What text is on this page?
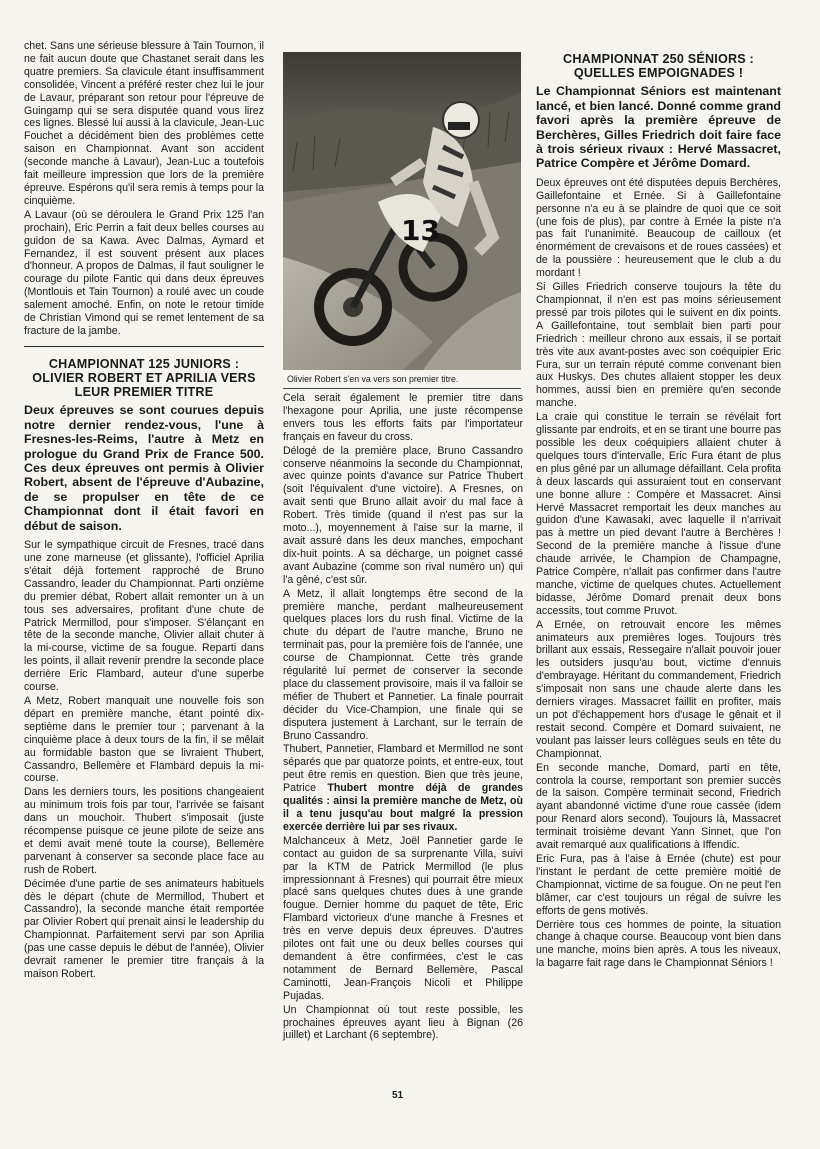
chet. Sans une sérieuse blessure à Tain Tournon, il ne fait aucun doute que Chastanet serait dans les quatre premiers. Sa clavicule étant insuffisamment consolidée, Vincent a préféré rester chez lui le jour de Lavaur, préparant son retour pour l'épreuve de Guingamp qui se sera disputée quand vous lirez ces lignes. Blessé lui aussi à la clavicule, Jean-Luc Fouchet a décidément bien des problèmes cette saison en Championnat. Avant son accident (seconde manche à Lavaur), Jean-Luc a toutefois fait meilleure impression que lors de la première épreuve. Espérons qu'il sera remis à temps pour la cinquième.

A Lavaur (où se déroulera le Grand Prix 125 l'an prochain), Eric Perrin a fait deux belles courses au guidon de sa Kawa. Avec Dalmas, Aymard et Fernandez, il est souvent présent aux places d'honneur. A propos de Dalmas, il faut souligner le courage du pilote Fantic qui dans deux épreuves (Montlouis et Tain Tournon) a roulé avec un coude salement amoché. Enfin, on note le retour timide de Christian Vimond qui se remet lentement de sa fracture de la jambe.

CHAMPIONNAT 125 JUNIORS : OLIVIER ROBERT ET APRILIA VERS LEUR PREMIER TITRE
Deux épreuves se sont courues depuis notre dernier rendez-vous, l'une à Fresnes-les-Reims, l'autre à Metz en prologue du Grand Prix de France 500. Ces deux épreuves ont permis à Olivier Robert, absent de l'épreuve d'Aubazine, de se propulser en tête de ce Championnat dont il était favori en début de saison.

Sur le sympathique circuit de Fresnes, tracé dans une zone marneuse (et glissante), l'officiel Aprilia s'était déjà fortement rapproché de Bruno Cassandro, leader du Championnat. Parti onzième du premier débat, Robert allait remonter un à un tous ses adversaires, profitant d'une chute de Patrick Mermillod, pour s'imposer. S'élançant en tête de la seconde manche, Olivier allait chuter à la mi-course, victime de sa fougue. Reparti dans les points, il allait revenir prendre la seconde place derrière Eric Flambard, auteur d'une superbe course.

A Metz, Robert manquait une nouvelle fois son départ en première manche, étant pointé dix-septième dans le premier tour ; parvenant à la cinquième place à deux tours de la fin, il se mêlait au formidable baston que se livraient Thubert, Cassandro, Bellemère et Flambard depuis la mi-course.

Dans les derniers tours, les positions changeaient au minimum trois fois par tour, l'arrivée se faisant dans un mouchoir. Thubert s'imposait (juste récompense puisque ce jeune pilote de seize ans et demi avait mené toute la course), Bellemère parvenant à conserver sa seconde place face au rush de Robert.

Décimée d'une partie de ses animateurs habituels dès le départ (chute de Mermillod, Thubert et Cassandro), la seconde manche était remportée par Olivier Robert qui prenait ainsi le leadership du Championnat. Parfaitement servi par son Aprilia (pas une casse depuis le début de l'année), Olivier devrait ramener le premier titre français à la maison Robert.

13
Olivier Robert s'en va vers son premier titre.

Cela serait également le premier titre dans l'hexagone pour Aprilia, une juste récompense envers tous les efforts faits par l'importateur français en faveur du cross.

Délogé de la première place, Bruno Cassandro conserve néanmoins la seconde du Championnat, avec quinze points d'avance sur Patrice Thubert (soit l'équivalent d'une victoire). A Fresnes, on avait senti que Bruno allait avoir du mal face à Robert. Très timide (quand il n'est pas sur la moto...), moyennement à l'aise sur la marne, il avait assuré dans les deux manches, empochant dix-huit points. A sa décharge, un poignet cassé avant Aubazine (comme son rival numéro un) qui l'a gêné, c'est sûr.

A Metz, il allait longtemps être second de la première manche, perdant malheureusement quelques places lors du rush final. Victime de la chute du départ de l'autre manche, Bruno ne terminait pas, pour la première fois de l'année, une course de Championnat. Cette très grande régularité lui permet de conserver la seconde place du classement provisoire, mais il va falloir se méfier de Thubert et Pannetier. La finale pourrait décider du Vice-Champion, une finale qui se disputera justement à Larchant, sur le terrain de Bruno Cassandro.

Thubert, Pannetier, Flambard et Mermillod ne sont séparés que par quatorze points, et entre-eux, tout peut être remis en question. Bien que très jeune, Patrice Thubert montre déjà de grandes qualités : ainsi la première manche de Metz, où il a tenu jusqu'au bout malgré la pression exercée derrière lui par ses rivaux.

Malchanceux à Metz, Joël Pannetier garde le contact au guidon de sa surprenante Villa, suivi par la KTM de Patrick Mermillod (le plus impressionnant à Fresnes) qui pourrait être mieux placé sans quelques chutes dues à une grande fougue. Dernier homme du paquet de tête, Eric Flambard victorieux d'une manche à Fresnes et très en verve depuis deux épreuves. D'autres pilotes ont fait une ou deux belles courses qui demandent à être confirmées, c'est le cas notamment de Bernard Bellemère, Pascal Caminotti, Jean-François Nicoli et Philippe Pujadas.

Un Championnat où tout reste possible, les prochaines épreuves ayant lieu à Bignan (26 juillet) et Larchant (6 septembre).

CHAMPIONNAT 250 SÉNIORS : QUELLES EMPOIGNADES !
Le Championnat Séniors est maintenant lancé, et bien lancé. Donné comme grand favori après la première épreuve de Berchères, Gilles Friedrich doit faire face à trois sérieux rivaux : Hervé Massacret, Patrice Compère et Jérôme Domard.

Deux épreuves ont été disputées depuis Berchères, Gaillefontaine et Ernée. Si à Gaillefontaine personne n'a eu à se plaindre de quoi que ce soit (une fois de plus), par contre à Ernée la piste n'a pas fait l'unanimité. Beaucoup de cailloux (et énormément de crevaisons et de roues cassées) et de la poussière : heureusement que le club a du mordant !

Si Gilles Friedrich conserve toujours la tête du Championnat, il n'en est pas moins sérieusement pressé par trois pilotes qui le suivent en dix points. A Gaillefontaine, tout semblait bien parti pour Friedrich : meilleur chrono aux essais, il se portait très vite aux avant-postes avec son coéquipier Eric Fura, sur un terrain réputé comme convenant bien aux Huskys. Des chutes allaient stopper les deux hommes, aussi bien en première qu'en seconde manche.

La craie qui constitue le terrain se révélait fort glissante par endroits, et en se tirant une bourre pas possible les deux coéquipiers allaient chuter à quelques tours d'intervalle, Eric Fura étant de plus en plus gêné par un allumage défaillant. Cela profita à deux lascards qui assuraient tout en conservant une bonne allure : Compère et Massacret. Ainsi Hervé Massacret remportait les deux manches au guidon d'une Kawasaki, avec laquelle il n'arrivait pas à mettre un pied devant l'autre à Berchères ! Second de la première manche à l'issue d'une chaude arrivée, le Champion de Champagne, Patrice Compère, n'allait pas confirmer dans l'autre manche, victime de quelques chutes. Actuellement bidasse, Jérôme Domard prenait deux bons accessits, tout comme Pruvot.

A Ernée, on retrouvait encore les mêmes animateurs aux premières loges. Toujours très brillant aux essais, Ressegaire n'allait pouvoir jouer les outsiders jusqu'au bout, victime d'ennuis d'embrayage. Héritant du commandement, Friedrich s'imposait non sans une chaude alerte dans les derniers virages. Massacret faillit en profiter, mais un pot d'échappement hors d'usage le gênait et il restait second. Compère et Domard suivaient, ne voulant pas laisser leurs collègues seuls en tête du Championnat.

En seconde manche, Domard, parti en tête, controla la course, remportant son premier succès de la saison. Compère terminait second, Friedrich ayant abandonné victime d'une roue cassée (idem pour Renard alors second). Toujours là, Massacret terminait troisième devant Yann Sinnet, que l'on avait remarqué aux qualifications à Iffendic.

Eric Fura, pas à l'aise à Ernée (chute) est pour l'instant le perdant de cette première moitié de Championnat, victime de sa fougue. On ne peut l'en blâmer, car c'est toujours un régal de suivre les efforts de gens motivés.

Derrière tous ces hommes de pointe, la situation change à chaque course. Beaucoup vont bien dans une manche, moins bien après. A tous les niveaux, la bagarre fait rage dans le Championnat Séniors !

51
